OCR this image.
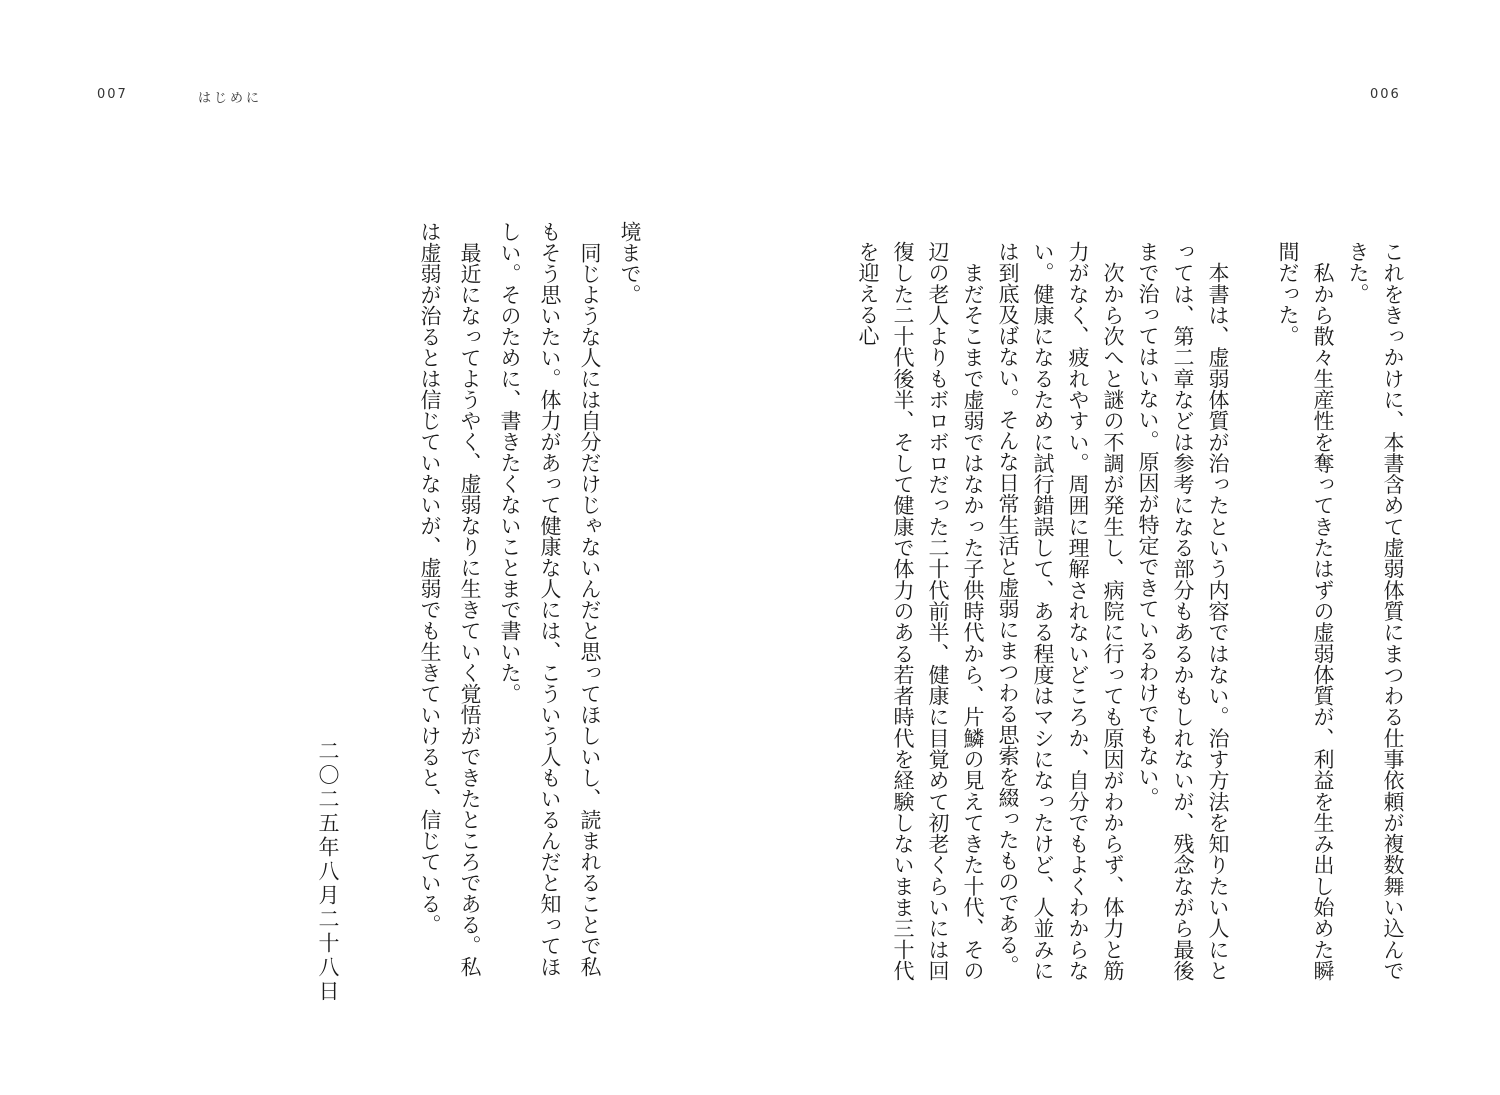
006
これをきっかけに、本書含めて虚弱体質にまつわる仕事依頼が複数舞い込んできた。
　私から散々生産性を奪ってきたはずの虚弱体質が、利益を生み出し始めた瞬間だった。

　本書は、虚弱体質が治ったという内容ではない。治す方法を知りたい人にとっては、第二章などは参考になる部分もあるかもしれないが、残念ながら最後まで治ってはいない。原因が特定できているわけでもない。
　次から次へと謎の不調が発生し、病院に行っても原因がわからず、体力と筋力がなく、疲れやすい。周囲に理解されないどころか、自分でもよくわからない。健康になるために試行錯誤して、ある程度はマシになったけど、人並みには到底及ばない。そんな日常生活と虚弱にまつわる思索を綴ったものである。
　まだそこまで虚弱ではなかった子供時代から、片鱗の見えてきた十代、その辺の老人よりもボロボロだった二十代前半、健康に目覚めて初老くらいには回復した二十代後半、そして健康で体力のある若者時代を経験しないまま三十代を迎える心
007	はじめに
境まで。
　同じような人には自分だけじゃないんだと思ってほしいし、読まれることで私もそう思いたい。体力があって健康な人には、こういう人もいるんだと知ってほしい。そのために、書きたくないことまで書いた。
　最近になってようやく、虚弱なりに生きていく覚悟ができたところである。私は虚弱が治るとは信じていないが、虚弱でも生きていけると、信じている。
二〇二五年八月二十八日
